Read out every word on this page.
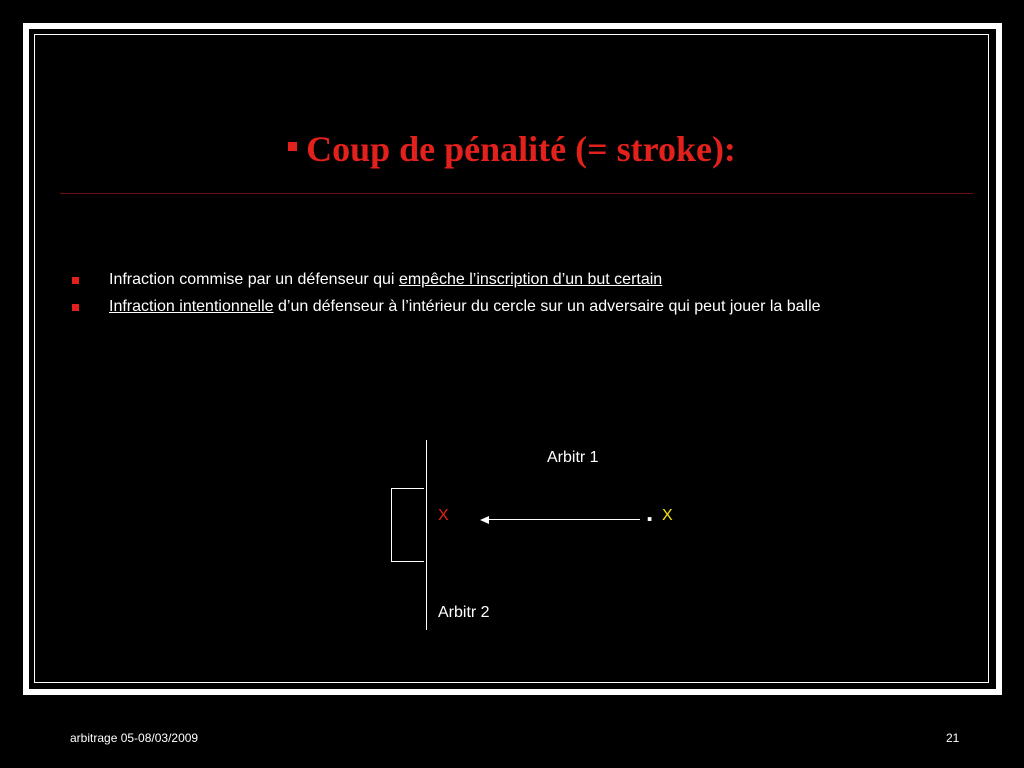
Coup de pénalité (= stroke):
Infraction commise par un défenseur qui empêche l’inscription d’un but certain
Infraction intentionnelle d’un défenseur à l’intérieur du cercle sur un adversaire qui peut jouer la balle
Arbitr 1
Arbitr 2
X	. X
arbitrage 05-08/03/2009	21
